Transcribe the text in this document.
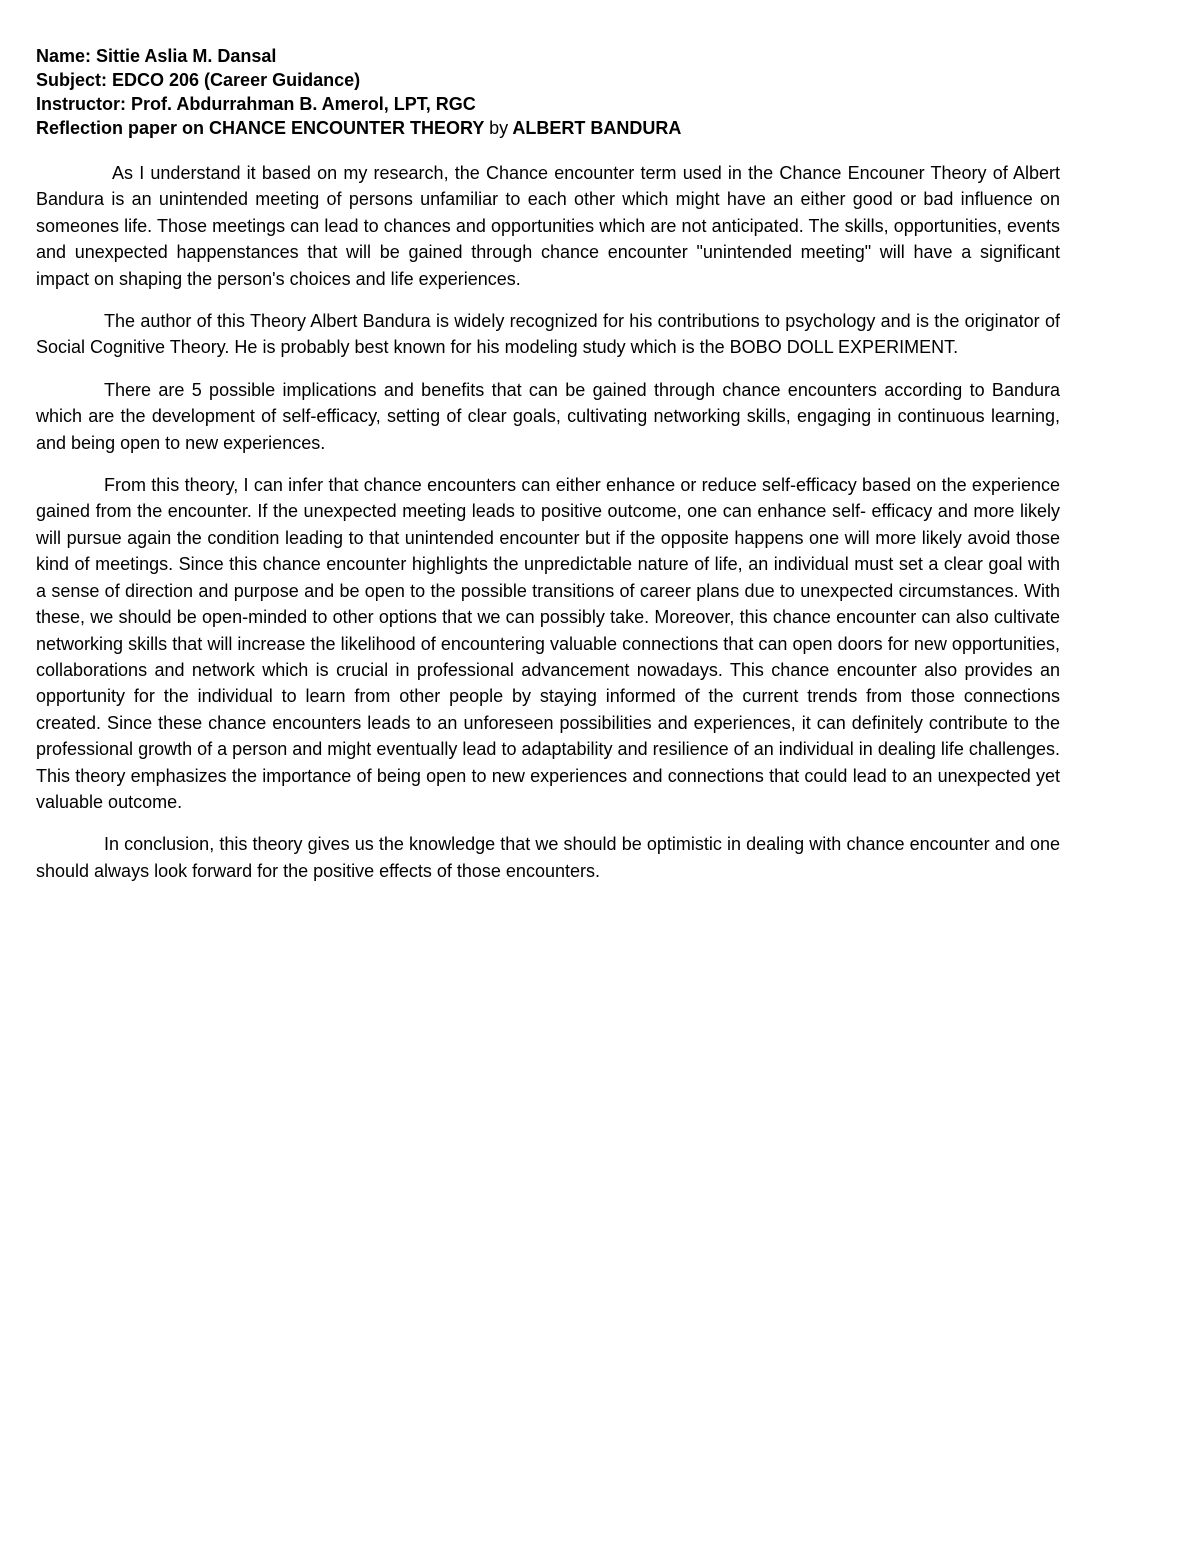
Name: Sittie Aslia M. Dansal
Subject: EDCO 206 (Career Guidance)
Instructor: Prof. Abdurrahman B. Amerol, LPT, RGC
Reflection paper on CHANCE ENCOUNTER THEORY by ALBERT BANDURA

As I understand it based on my research, the Chance encounter term used in the Chance Encouner Theory of Albert Bandura is an unintended meeting of persons unfamiliar to each other which might have an either good or bad influence on someones life. Those meetings can lead to chances and opportunities which are not anticipated. The skills, opportunities, events and unexpected happenstances that will be gained through chance encounter "unintended meeting" will have a significant impact on shaping the person's choices and life experiences.

The author of this Theory Albert Bandura is widely recognized for his contributions to psychology and is the originator of Social Cognitive Theory. He is probably best known for his modeling study which is the BOBO DOLL EXPERIMENT.

There are 5 possible implications and benefits that can be gained through chance encounters according to Bandura which are the development of self-efficacy, setting of clear goals, cultivating networking skills, engaging in continuous learning, and being open to new experiences.

From this theory, I can infer that chance encounters can either enhance or reduce self-efficacy based on the experience gained from the encounter. If the unexpected meeting leads to positive outcome, one can enhance self- efficacy and more likely will pursue again the condition leading to that unintended encounter but if the opposite happens one will more likely avoid those kind of meetings. Since this chance encounter highlights the unpredictable nature of life, an individual must set a clear goal with a sense of direction and purpose and be open to the possible transitions of career plans due to unexpected circumstances. With these, we should be open-minded to other options that we can possibly take. Moreover, this chance encounter can also cultivate networking skills that will increase the likelihood of encountering valuable connections that can open doors for new opportunities, collaborations and network which is crucial in professional advancement nowadays. This chance encounter also provides an opportunity for the individual to learn from other people by staying informed of the current trends from those connections created. Since these chance encounters leads to an unforeseen possibilities and experiences, it can definitely contribute to the professional growth of a person and might eventually lead to adaptability and resilience of an individual in dealing life challenges. This theory emphasizes the importance of being open to new experiences and connections that could lead to an unexpected yet valuable outcome.

In conclusion, this theory gives us the knowledge that we should be optimistic in dealing with chance encounter and one should always look forward for the positive effects of those encounters.
